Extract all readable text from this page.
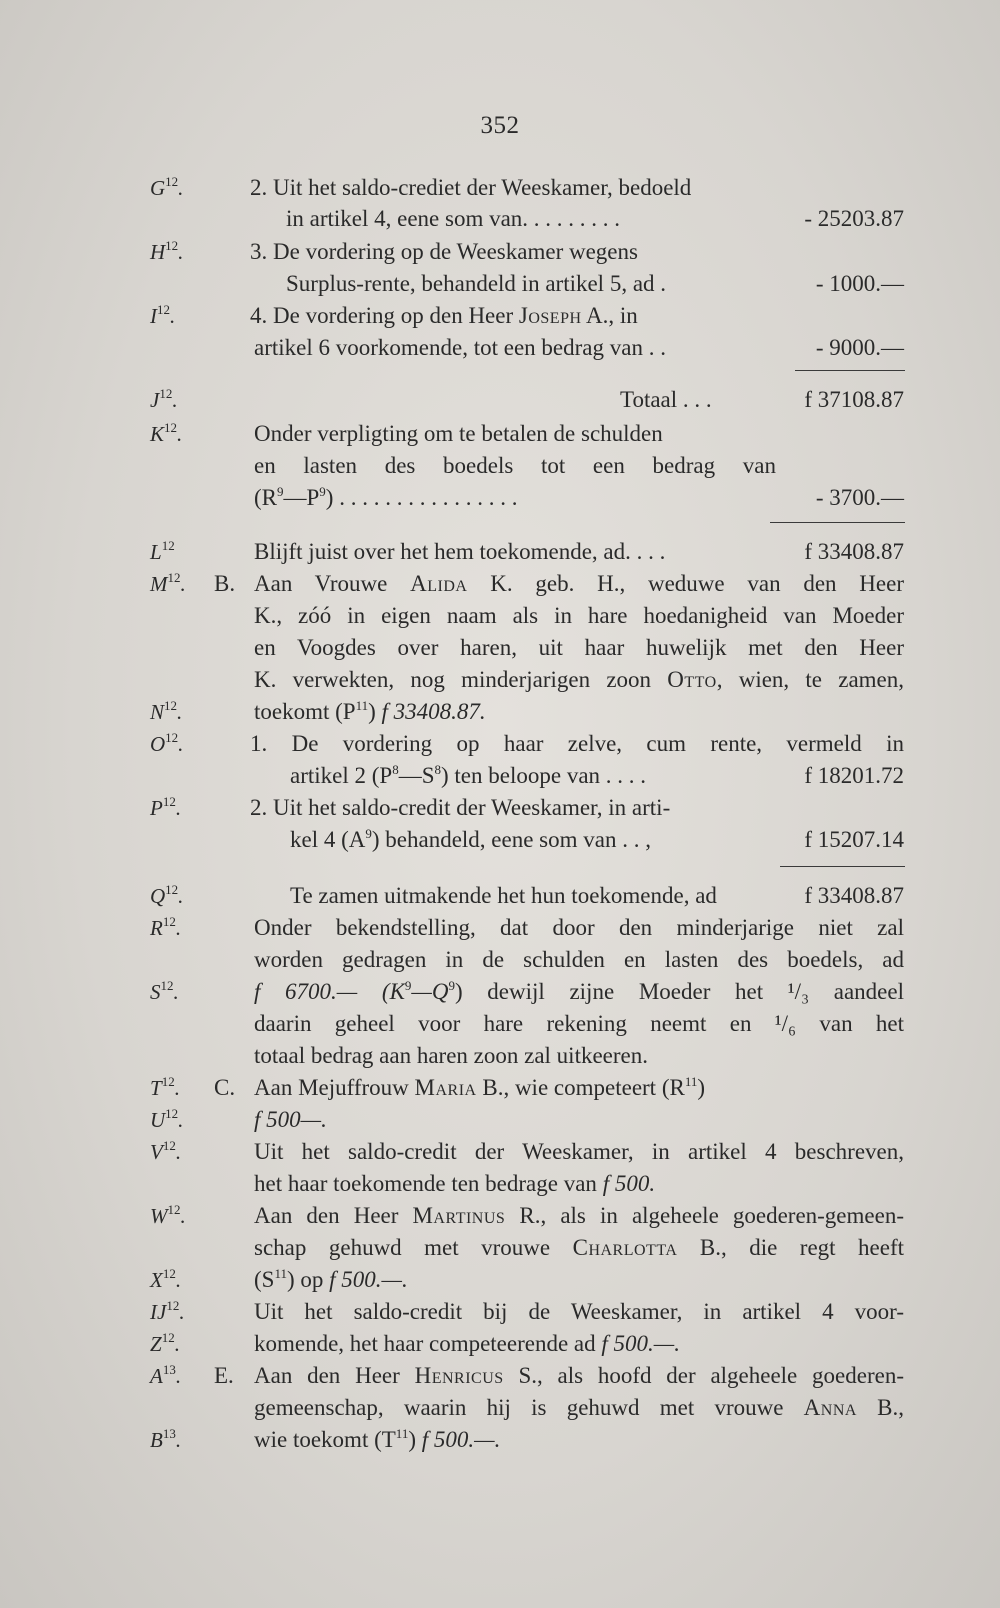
352
$G^{12}$.	2. Uit het saldo-crediet der Weeskamer, bedoeld
in artikel 4, eene som van. . . . . . . . .	- 25203.87
$H^{12}$.	3. De vordering op de Weeskamer wegens
Surplus-rente, behandeld in artikel 5, ad .	- 1000.—
$I^{12}$.	4. De vordering op den Heer Joseph A., in
artikel 6 voorkomende, tot een bedrag van . .	- 9000.—
$J^{12}$.	Totaal . . .	f 37108.87
$K^{12}$.	Onder verpligting om te betalen de schulden
en lasten des boedels tot een bedrag van
$(R^9—P^9)$ . . . . . . . . . . . . . . . .	- 3700.—
$L^{12}$	Blijft juist over het hem toekomende, ad. . . .	f 33408.87
$M^{12}$. B. Aan Vrouwe Alida K. geb. H., weduwe van den Heer
K., zóó in eigen naam als in hare hoedanigheid van Moeder
en Voogdes over haren, uit haar huwelijk met den Heer
K. verwekten, nog minderjarigen zoon Otto, wien, te zamen,
$N^{12}$.	toekomt $(P^{11})$ f 33408.87.
$O^{12}$.	1. De vordering op haar zelve, cum rente, vermeld in
artikel 2 $(P^8—S^8)$ ten beloope van . . . .	f 18201.72
$P^{12}$.	2. Uit het saldo-credit der Weeskamer, in arti-
kel 4 $(A^9)$ behandeld, eene som van . . ,	f 15207.14
$Q^{12}$.	Te zamen uitmakende het hun toekomende, ad	f 33408.87
$R^{12}$.	Onder bekendstelling, dat door den minderjarige niet zal
worden gedragen in de schulden en lasten des boedels, ad
$S^{12}$.	f 6700.— $(K^9—Q^9)$ dewijl zijne Moeder het ¹/₃ aandeel
daarin geheel voor hare rekening neemt en ¹/₆ van het
totaal bedrag aan haren zoon zal uitkeeren.
$T^{12}$. C. Aan Mejuffrouw Maria B., wie competeert $(R^{11})$
$U^{12}$.	f 500—.
$V^{12}$.	Uit het saldo-credit der Weeskamer, in artikel 4 beschreven,
het haar toekomende ten bedrage van f 500.
$W^{12}$.	Aan den Heer Martinus R., als in algeheele goederen-gemeen-
schap gehuwd met vrouwe Charlotta B., die regt heeft
$X^{12}$.	$(S^{11})$ op f 500.—.
IJ$^{12}$.	Uit het saldo-credit bij de Weeskamer, in artikel 4 voor-
$Z^{12}$.	komende, het haar competeerende ad f 500.—.
$A^{13}$. E. Aan den Heer Henricus S., als hoofd der algeheele goederen-
gemeenschap, waarin hij is gehuwd met vrouwe Anna B.,
$B^{13}$.	wie toekomt $(T^{11})$ f 500.—.
